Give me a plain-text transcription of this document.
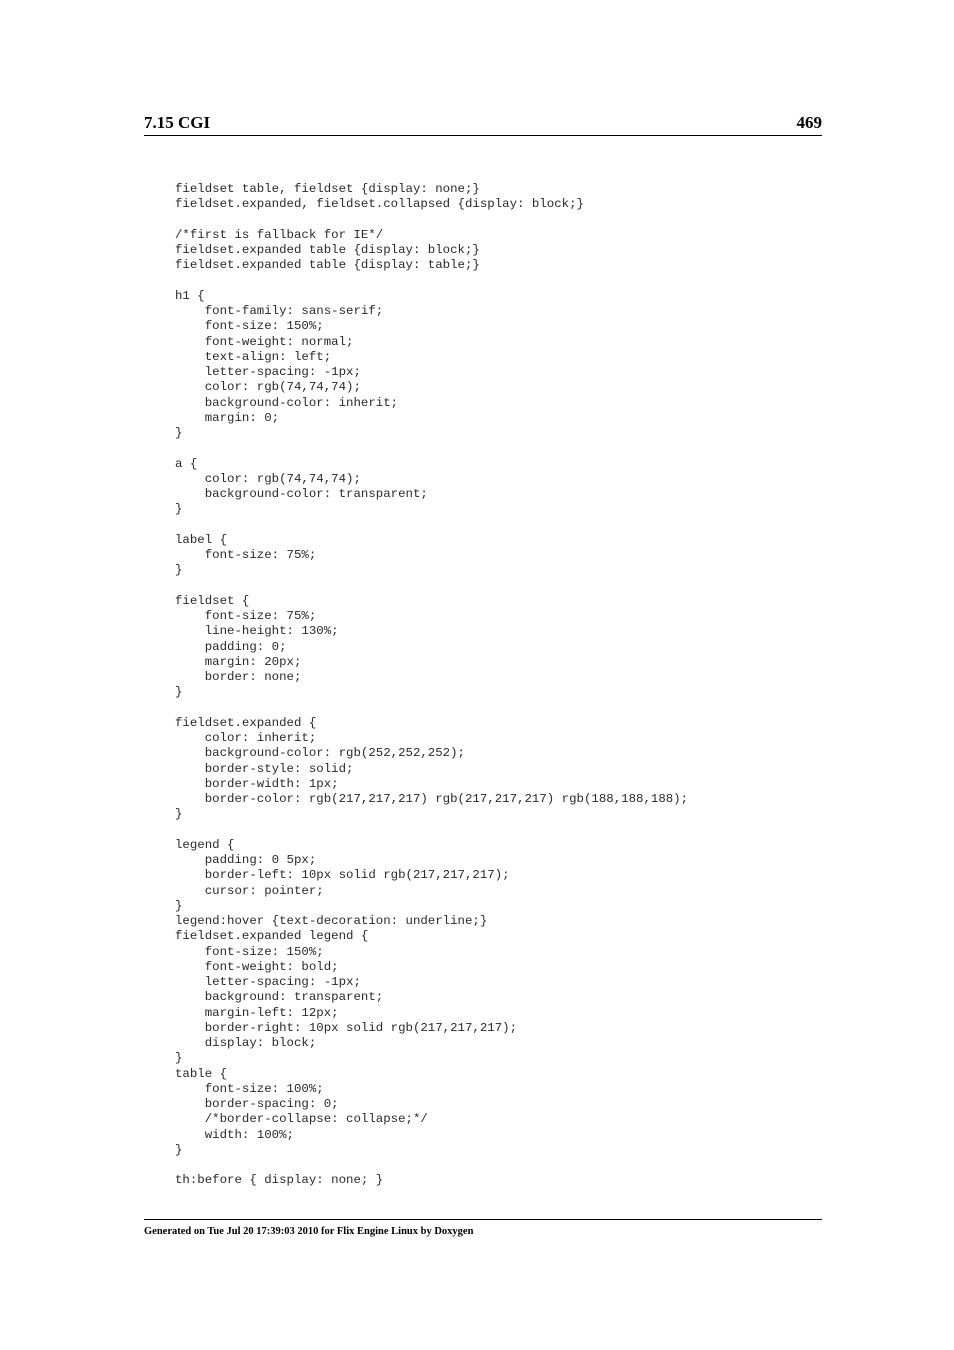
7.15 CGI	469
fieldset table, fieldset {display: none;}
fieldset.expanded, fieldset.collapsed {display: block;}
/*first is fallback for IE*/
fieldset.expanded table {display: block;}
fieldset.expanded table {display: table;}
h1 {
font-family: sans-serif;
font-size: 150%;
font-weight: normal;
text-align: left;
letter-spacing: -1px;
color: rgb(74,74,74);
background-color: inherit;
margin: 0;
}
a {
color: rgb(74,74,74);
background-color: transparent;
}
label {
font-size: 75%;
}
fieldset {
font-size: 75%;
line-height: 130%;
padding: 0;
margin: 20px;
border: none;
}
fieldset.expanded {
color: inherit;
background-color: rgb(252,252,252);
border-style: solid;
border-width: 1px;
border-color: rgb(217,217,217) rgb(217,217,217) rgb(188,188,188);
}
legend {
padding: 0 5px;
border-left: 10px solid rgb(217,217,217);
cursor: pointer;
}
legend:hover {text-decoration: underline;}
fieldset.expanded legend {
font-size: 150%;
font-weight: bold;
letter-spacing: -1px;
background: transparent;
margin-left: 12px;
border-right: 10px solid rgb(217,217,217);
display: block;
}
table {
font-size: 100%;
border-spacing: 0;
/*border-collapse: collapse;*/
width: 100%;
}
th:before { display: none; }
Generated on Tue Jul 20 17:39:03 2010 for Flix Engine Linux by Doxygen
